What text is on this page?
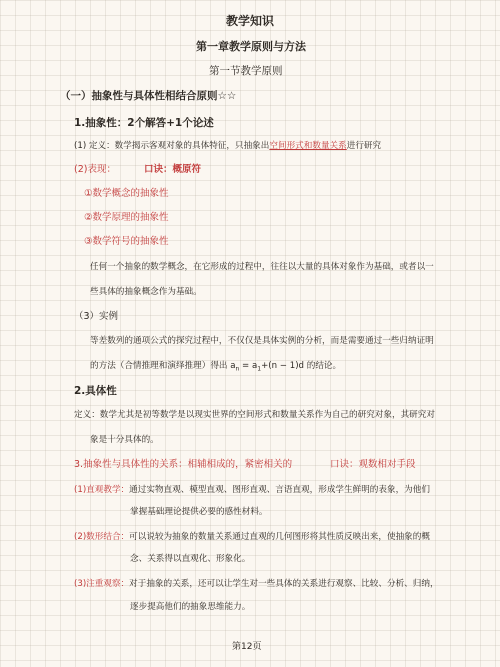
教学知识
第一章教学原则与方法
第一节教学原则
（一）抽象性与具体性相结合原则☆☆
1.抽象性：2个解答+1个论述
(1) 定义：数学揭示客观对象的具体特征，只抽象出空间形式和数量关系进行研究
(2)表现：	口诀：概原符
①数学概念的抽象性
②数学原理的抽象性
③数学符号的抽象性
任何一个抽象的数学概念，在它形成的过程中，往往以大量的具体对象作为基础，或者以一
些具体的抽象概念作为基础。
（3）实例
等差数列的通项公式的探究过程中，不仅仅是具体实例的分析，而是需要通过一些归纳证明
的方法（合情推理和演绎推理）得出 $a_n = a_1+(n - 1)d$ 的结论。
2.具体性
定义：数学尤其是初等数学是以现实世界的空间形式和数量关系作为自己的研究对象，其研究对
象是十分具体的。
3.抽象性与具体性的关系：相辅相成的，紧密相关的	口诀：观数相对手段
(1)直观教学：通过实物直观、模型直观、图形直观、言语直观，形成学生鲜明的表象，为他们
掌握基础理论提供必要的感性材料。
(2)数形结合：可以说较为抽象的数量关系通过直观的几何图形将其性质反映出来，使抽象的概
念、关系得以直观化、形象化。
(3)注重观察：对于抽象的关系，还可以让学生对一些具体的关系进行观察、比较、分析、归纳，
逐步提高他们的抽象思维能力。
第12页
